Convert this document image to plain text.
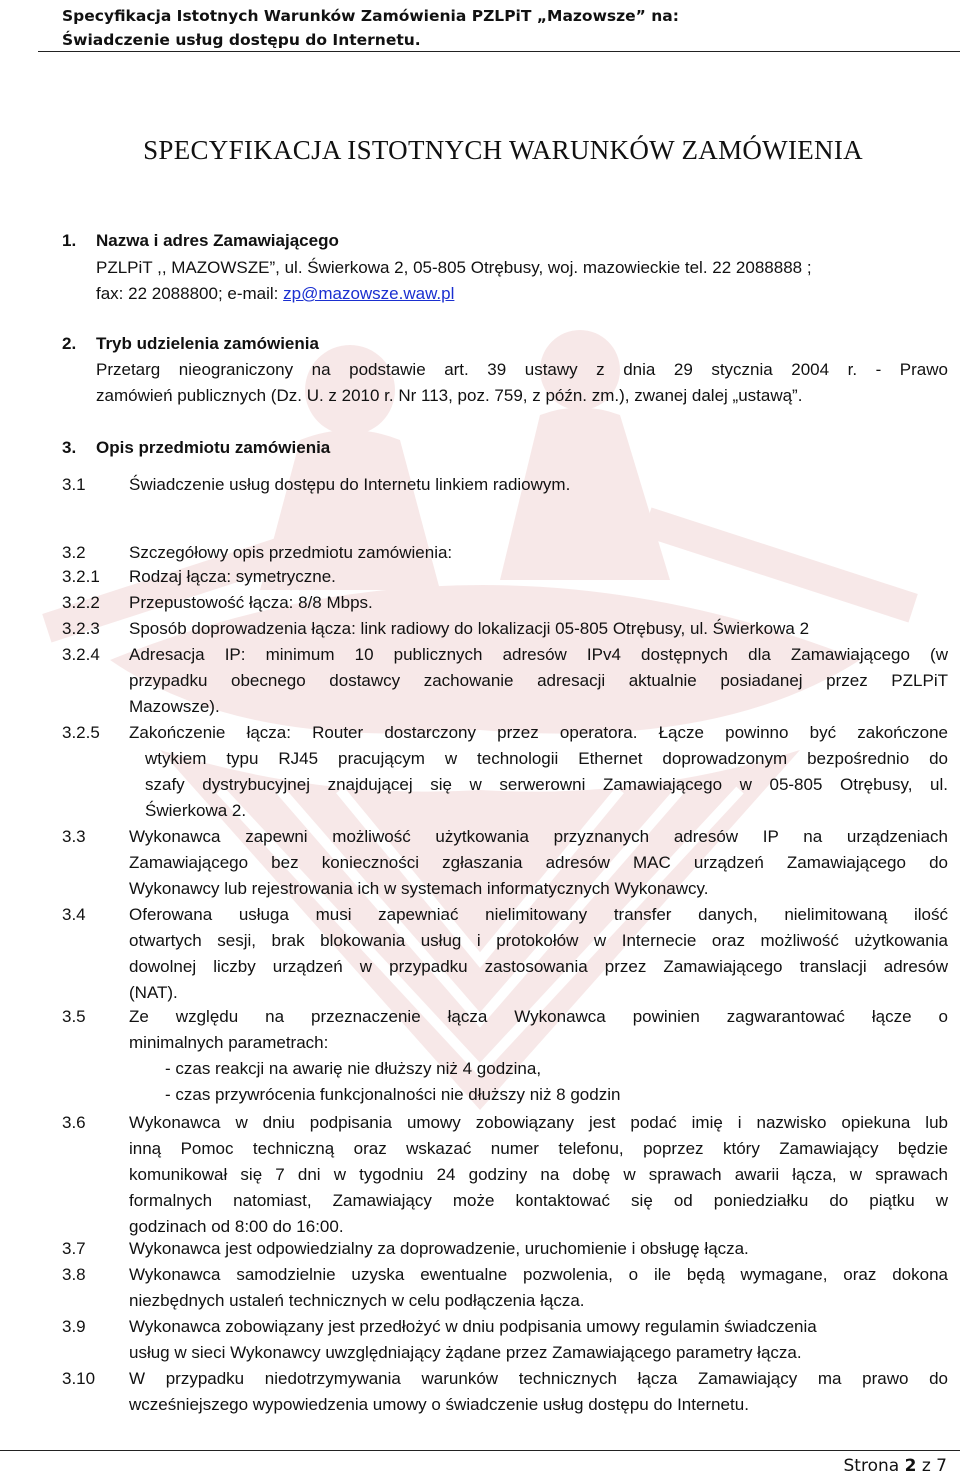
Specyfikacja Istotnych Warunków Zamówienia PZLPiT „Mazowsze” na:
Świadczenie usług dostępu do Internetu.
SPECYFIKACJA ISTOTNYCH WARUNKÓW ZAMÓWIENIA
1. Nazwa i adres Zamawiającego
PZLPiT ,, MAZOWSZE”, ul. Świerkowa 2, 05-805 Otrębusy, woj. mazowieckie tel. 22 2088888 ;
fax: 22 2088800; e-mail: zp@mazowsze.waw.pl
2. Tryb udzielenia zamówienia
Przetarg nieograniczony na podstawie art. 39 ustawy z dnia 29 stycznia 2004 r. - Prawo
zamówień publicznych (Dz. U. z 2010 r. Nr 113, poz. 759, z późn. zm.), zwanej dalej „ustawą”.
3. Opis przedmiotu zamówienia
3.1	Świadczenie usług dostępu do Internetu linkiem radiowym.
3.2	Szczegółowy opis przedmiotu zamówienia:
3.2.1 Rodzaj łącza: symetryczne.
3.2.2 Przepustowość łącza: 8/8 Mbps.
3.2.3 Sposób doprowadzenia łącza: link radiowy do lokalizacji 05-805 Otrębusy, ul. Świerkowa 2
3.2.4 Adresacja IP: minimum 10 publicznych adresów IPv4 dostępnych dla Zamawiającego (w
przypadku obecnego dostawcy zachowanie adresacji aktualnie posiadanej przez PZLPiT
Mazowsze).
3.2.5 Zakończenie łącza: Router dostarczony przez operatora. Łącze powinno być zakończone
wtykiem typu RJ45 pracującym w technologii Ethernet doprowadzonym bezpośrednio do
szafy dystrybucyjnej znajdującej się w serwerowni Zamawiającego w 05-805 Otrębusy, ul.
Świerkowa 2.
3.3	Wykonawca zapewni możliwość użytkowania przyznanych adresów IP na urządzeniach
Zamawiającego bez konieczności zgłaszania adresów MAC urządzeń Zamawiającego do
Wykonawcy lub rejestrowania ich w systemach informatycznych Wykonawcy.
3.4	Oferowana usługa musi zapewniać nielimitowany transfer danych, nielimitowaną ilość
otwartych sesji, brak blokowania usług i protokołów w Internecie oraz możliwość użytkowania
dowolnej liczby urządzeń w przypadku zastosowania przez Zamawiającego translacji adresów
(NAT).
3.5	Ze względu na przeznaczenie łącza Wykonawca powinien zagwarantować łącze o
minimalnych parametrach:
- czas reakcji na awarię nie dłuższy niż 4 godzina,
- czas przywrócenia funkcjonalności nie dłuższy niż 8 godzin
3.6	Wykonawca w dniu podpisania umowy zobowiązany jest podać imię i nazwisko opiekuna lub
inną Pomoc techniczną oraz wskazać numer telefonu, poprzez który Zamawiający będzie
komunikował się 7 dni w tygodniu 24 godziny na dobę w sprawach awarii łącza, w sprawach
formalnych natomiast, Zamawiający może kontaktować się od poniedziałku do piątku w
godzinach od 8:00 do 16:00.
3.7	Wykonawca jest odpowiedzialny za doprowadzenie, uruchomienie i obsługę łącza.
3.8	Wykonawca samodzielnie uzyska ewentualne pozwolenia, o ile będą wymagane, oraz dokona
niezbędnych ustaleń technicznych w celu podłączenia łącza.
3.9	Wykonawca zobowiązany jest przedłożyć w dniu podpisania umowy regulamin świadczenia
usług w sieci Wykonawcy uwzględniający żądane przez Zamawiającego parametry łącza.
3.10 W przypadku niedotrzymywania warunków technicznych łącza Zamawiający ma prawo do
wcześniejszego wypowiedzenia umowy o świadczenie usług dostępu do Internetu.
Strona 2 z 7
